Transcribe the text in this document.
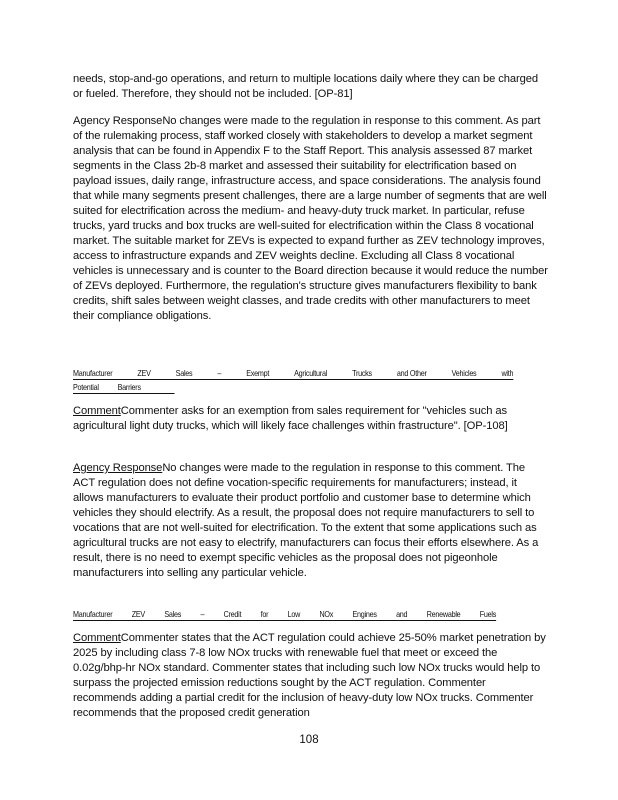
needs, stop-and-go operations, and return to multiple locations daily where they can be charged or fueled. Therefore, they should not be included. [OP-81]

Agency ResponseNo changes were made to the regulation in response to this comment. As part of the rulemaking process, staff worked closely with stakeholders to develop a market segment analysis that can be found in Appendix F to the Staff Report. This analysis assessed 87 market segments in the Class 2b-8 market and assessed their suitability for electrification based on payload issues, daily range, infrastructure access, and space considerations. The analysis found that while many segments present challenges, there are a large number of segments that are well suited for electrification across the medium- and heavy-duty truck market. In particular, refuse trucks, yard trucks and box trucks are well-suited for electrification within the Class 8 vocational market. The suitable market for ZEVs is expected to expand further as ZEV technology improves, access to infrastructure expands and ZEV weights decline. Excluding all Class 8 vocational vehicles is unnecessary and is counter to the Board direction because it would reduce the number of ZEVs deployed. Furthermore, the regulation's structure gives manufacturers flexibility to bank credits, shift sales between weight classes, and trade credits with other manufacturers to meet their compliance obligations.

Manufacturer	ZEV	Sales	–	Exempt	Agricultural	Trucks	and Other	Vehicles	with
Potential Barriers

CommentCommenter asks for an exemption from sales requirement for "vehicles such as agricultural light duty trucks, which will likely face challenges within frastructure". [OP-108]

Agency ResponseNo changes were made to the regulation in response to this comment. The ACT regulation does not define vocation-specific requirements for manufacturers; instead, it allows manufacturers to evaluate their product portfolio and customer base to determine which vehicles they should electrify. As a result, the proposal does not require manufacturers to sell to vocations that are not well-suited for electrification. To the extent that some applications such as agricultural trucks are not easy to electrify, manufacturers can focus their efforts elsewhere. As a result, there is no need to exempt specific vehicles as the proposal does not pigeonhole manufacturers into selling any particular vehicle.

Manufacturer ZEV Sales – Credit for Low NOx Engines and Renewable Fuels

CommentCommenter states that the ACT regulation could achieve 25-50% market penetration by 2025 by including class 7-8 low NOx trucks with renewable fuel that meet or exceed the 0.02g/bhp-hr NOx standard. Commenter states that including such low NOx trucks would help to surpass the projected emission reductions sought by the ACT regulation. Commenter recommends adding a partial credit for the inclusion of heavy-duty low NOx trucks. Commenter recommends that the proposed credit generation

108
